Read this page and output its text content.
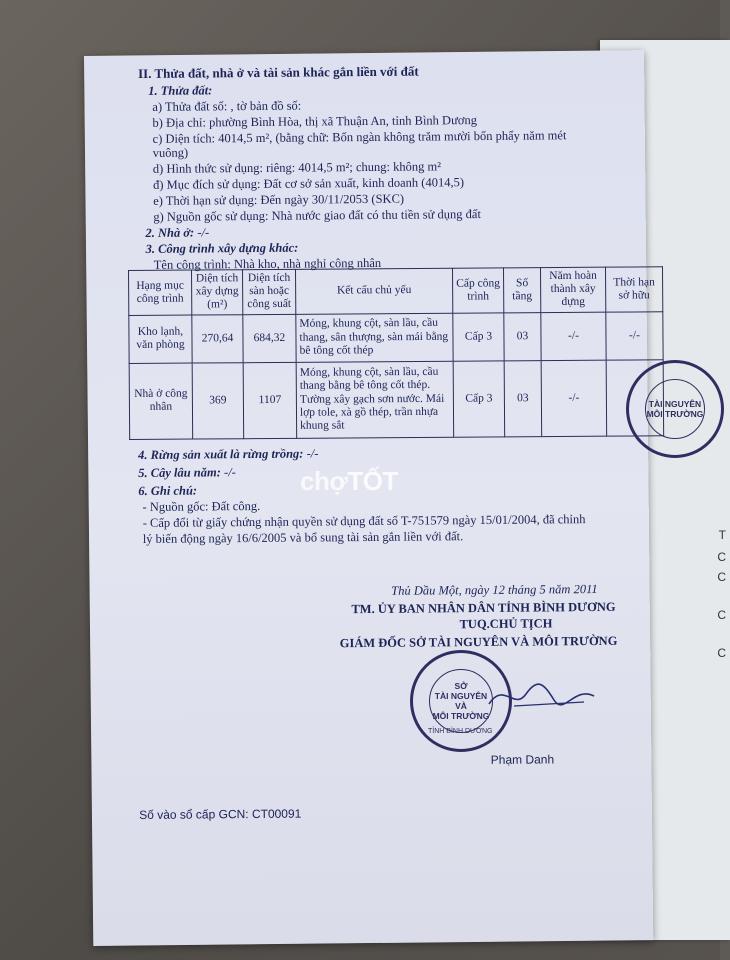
T
C
C
C
C
II. Thửa đất, nhà ở và tài sản khác gắn liền với đất
1. Thửa đất:
a) Thửa đất số: , tờ bản đồ số:
b) Địa chỉ: phường Bình Hòa, thị xã Thuận An, tỉnh Bình Dương
c) Diện tích: 4014,5 m², (bằng chữ: Bốn ngàn không trăm mười bốn phẩy năm mét
vuông)
d) Hình thức sử dụng: riêng: 4014,5 m²; chung: không m²
đ) Mục đích sử dụng: Đất cơ sở sản xuất, kinh doanh (4014,5)
e) Thời hạn sử dụng: Đến ngày 30/11/2053 (SKC)
g) Nguồn gốc sử dụng: Nhà nước giao đất có thu tiền sử dụng đất
2. Nhà ở: -/-
3. Công trình xây dựng khác:
Tên công trình: Nhà kho, nhà nghỉ công nhân
Hạng mục công trình	Diện tích xây dựng (m²)	Diện tích sàn hoặc công suất	Kết cấu chủ yếu	Cấp công trình	Số tầng	Năm hoàn thành xây dựng	Thời hạn sở hữu
Kho lạnh, văn phòng	270,64	684,32	Móng, khung cột, sàn lầu, cầu thang, sân thượng, sàn mái bằng bê tông cốt thép	Cấp 3	03	-/-	-/-
Nhà ở công nhân	369	1107	Móng, khung cột, sàn lầu, cầu thang bằng bê tông cốt thép. Tường xây gạch sơn nước. Mái lợp tole, xà gồ thép, trần nhựa khung sắt	Cấp 3	03	-/-	
4. Rừng sản xuất là rừng trồng: -/-
5. Cây lâu năm: -/-
6. Ghi chú:
- Nguồn gốc: Đất công.
- Cấp đổi từ giấy chứng nhận quyền sử dụng đất số T-751579 ngày 15/01/2004, đã chỉnh
lý biến động ngày 16/6/2005 và bổ sung tài sản gắn liền với đất.
Thủ Dầu Một, ngày 12 tháng 5 năm 2011
TM. ỦY BAN NHÂN DÂN TỈNH BÌNH DƯƠNG
TUQ.CHỦ TỊCH
GIÁM ĐỐC SỞ TÀI NGUYÊN VÀ MÔI TRƯỜNG
Phạm Danh
Số vào sổ cấp GCN: CT00091
SỞ
TÀI NGUYÊN
VÀ
MÔI TRƯỜNG
TỈNH BÌNH DƯƠNG
TÀI NGUYÊN
MÔI TRƯỜNG
chợTỐT
